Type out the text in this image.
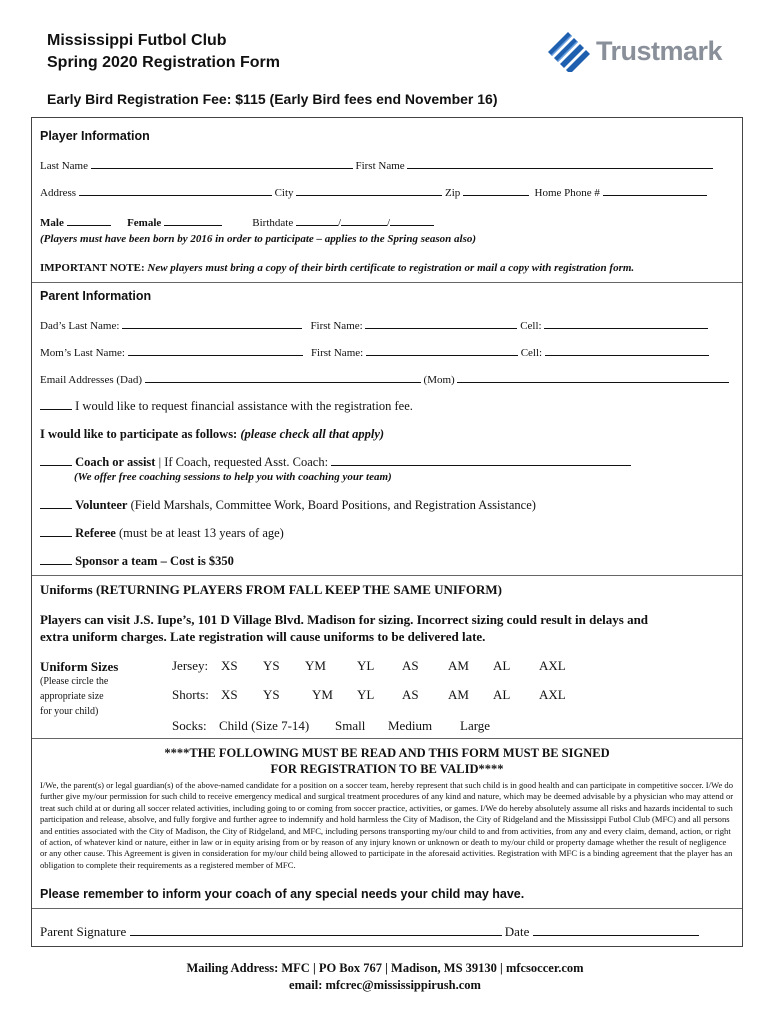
Mississippi Futbol Club
Spring 2020 Registration Form	Trustmark
Early Bird Registration Fee: $115 (Early Bird fees end November 16)
Player Information
Last Name	First Name
Address	City	Zip	Home Phone #
Male	Female	Birthdate	/	/
(Players must have been born by 2016 in order to participate – applies to the Spring season also)
IMPORTANT NOTE: New players must bring a copy of their birth certificate to registration or mail a copy with registration form.
Parent Information
Dad’s Last Name:	First Name:	Cell:
Mom’s Last Name:	First Name:	Cell:
Email Addresses (Dad)	(Mom)
I would like to request financial assistance with the registration fee.
I would like to participate as follows: (please check all that apply)
Coach or assist | If Coach, requested Asst. Coach:
(We offer free coaching sessions to help you with coaching your team)
Volunteer (Field Marshals, Committee Work, Board Positions, and Registration Assistance)
Referee (must be at least 13 years of age)
Sponsor a team – Cost is $350
Uniforms (RETURNING PLAYERS FROM FALL KEEP THE SAME UNIFORM)
Players can visit J.S. Iupe’s, 101 D Village Blvd. Madison for sizing. Incorrect sizing could result in delays and
extra uniform charges. Late registration will cause uniforms to be delivered late.
Uniform Sizes
(Please circle the
appropriate size
for your child)
Jersey: XS YS YM YL AS AM AL AXL
Shorts: XS YS YM YL AS AM AL AXL
Socks: Child (Size 7-14) Small Medium Large
****THE FOLLOWING MUST BE READ AND THIS FORM MUST BE SIGNED
FOR REGISTRATION TO BE VALID****
I/We, the parent(s) or legal guardian(s) of the above-named candidate for a position on a soccer team, hereby represent that such child is in good health and can participate in competitive soccer. I/We do further give my/our permission for such child to receive emergency medical and surgical treatment procedures of any kind and nature, which may be deemed advisable by a physician who may attend or treat such child at or during all soccer related activities, including going to or coming from soccer practice, activities, or games. I/We do hereby absolutely assume all risks and hazards incidental to such participation and release, absolve, and fully forgive and further agree to indemnify and hold harmless the City of Madison, the City of Ridgeland and the Mississippi Futbol Club (MFC) and all persons and entities associated with the City of Madison, the City of Ridgeland, and MFC, including persons transporting my/our child to and from activities, from any and every claim, demand, action, or right of action, of whatever kind or nature, either in law or in equity arising from or by reason of any injury known or unknown or death to my/our child or property damage whether the result of negligence or any other cause. This Agreement is given in consideration for my/our child being allowed to participate in the aforesaid activities. Registration with MFC is a binding agreement that the player has an obligation to complete their requirements as a registered member of MFC.
Please remember to inform your coach of any special needs your child may have.
Parent Signature	Date
Mailing Address: MFC | PO Box 767 | Madison, MS 39130 | mfcsoccer.com
email: mfcrec@mississippirush.com
